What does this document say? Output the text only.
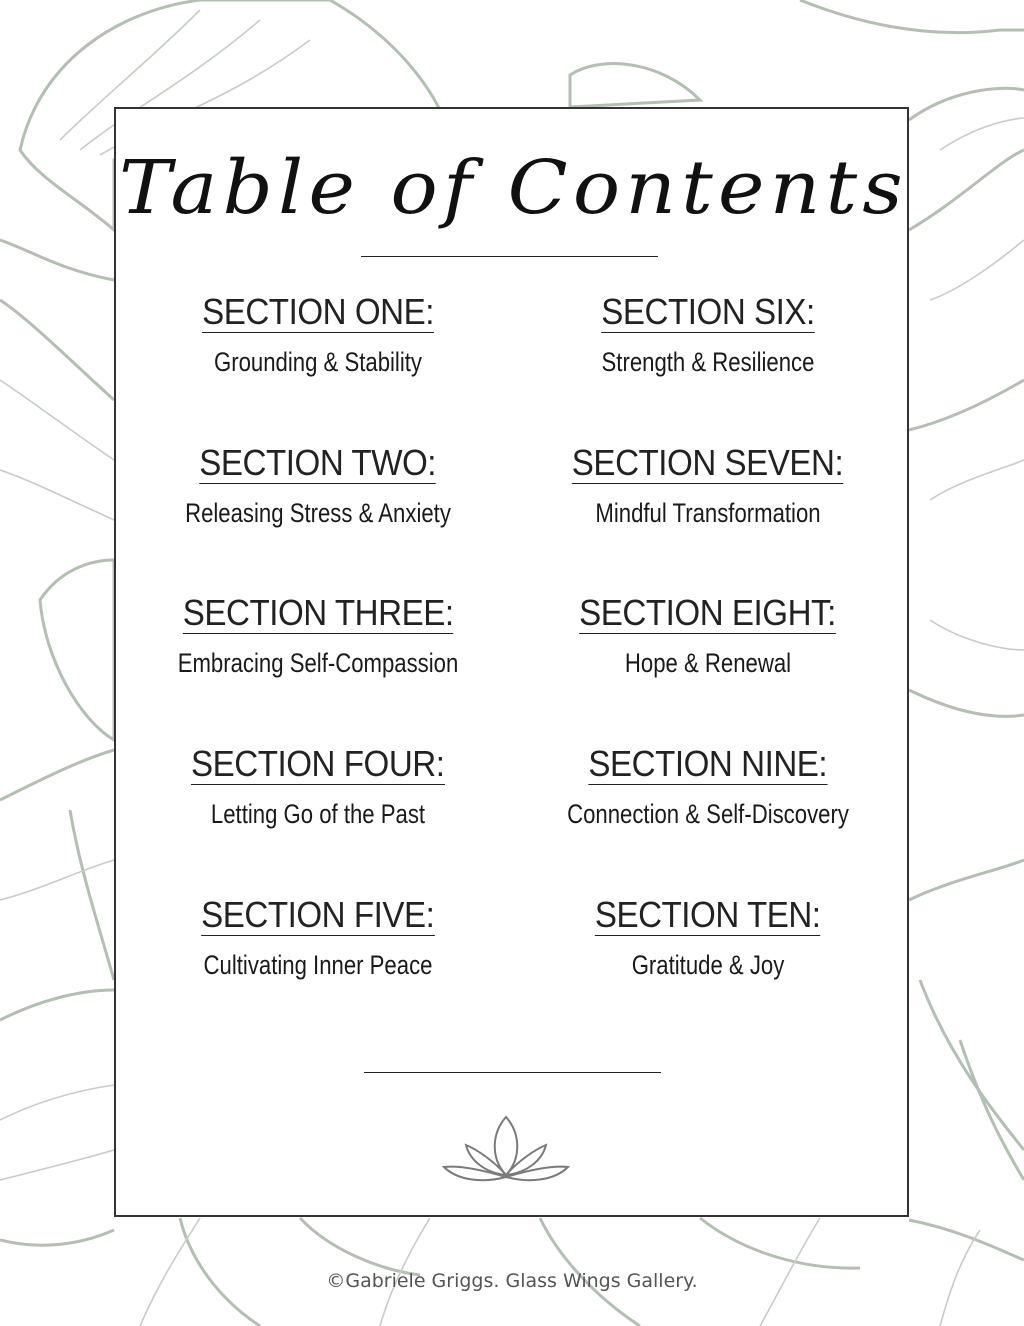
Table of Contents
SECTION ONE:
Grounding & Stability
SECTION TWO:
Releasing Stress & Anxiety
SECTION THREE:
Embracing Self-Compassion
SECTION FOUR:
Letting Go of the Past
SECTION FIVE:
Cultivating Inner Peace
SECTION SIX:
Strength & Resilience
SECTION SEVEN:
Mindful Transformation
SECTION EIGHT:
Hope & Renewal
SECTION NINE:
Connection & Self-Discovery
SECTION TEN:
Gratitude & Joy
©Gabriele Griggs. Glass Wings Gallery.
